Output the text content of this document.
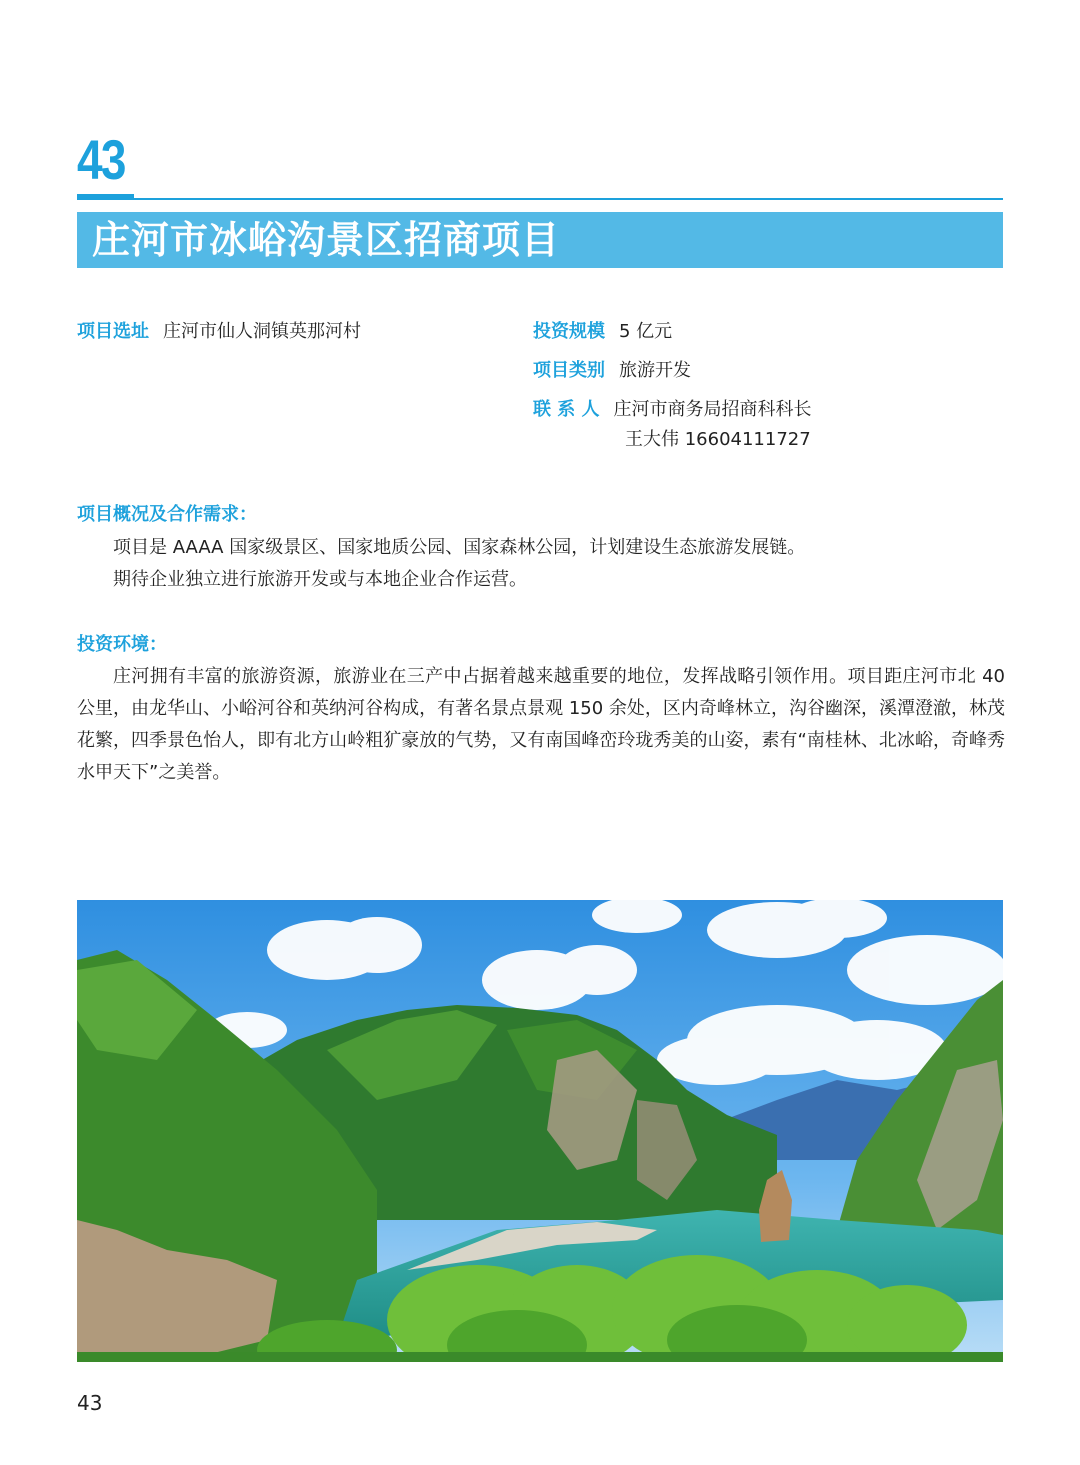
43
庄河市冰峪沟景区招商项目
项目选址 庄河市仙人洞镇英那河村	投资规模 5 亿元
项目类别 旅游开发
联 系 人 庄河市商务局招商科科长
王大伟 16604111727
项目概况及合作需求：

项目是 AAAA 国家级景区、国家地质公园、国家森林公园，计划建设生态旅游发展链。

期待企业独立进行旅游开发或与本地企业合作运营。

投资环境：

庄河拥有丰富的旅游资源，旅游业在三产中占据着越来越重要的地位，发挥战略引领作用。项目距庄河市北 40 公里，由龙华山、小峪河谷和英纳河谷构成，有著名景点景观 150 余处，区内奇峰林立，沟谷幽深，溪潭澄澈，林茂花繁，四季景色怡人，即有北方山岭粗犷豪放的气势，又有南国峰峦玲珑秀美的山姿，素有“南桂林、北冰峪，奇峰秀水甲天下”之美誉。

43
